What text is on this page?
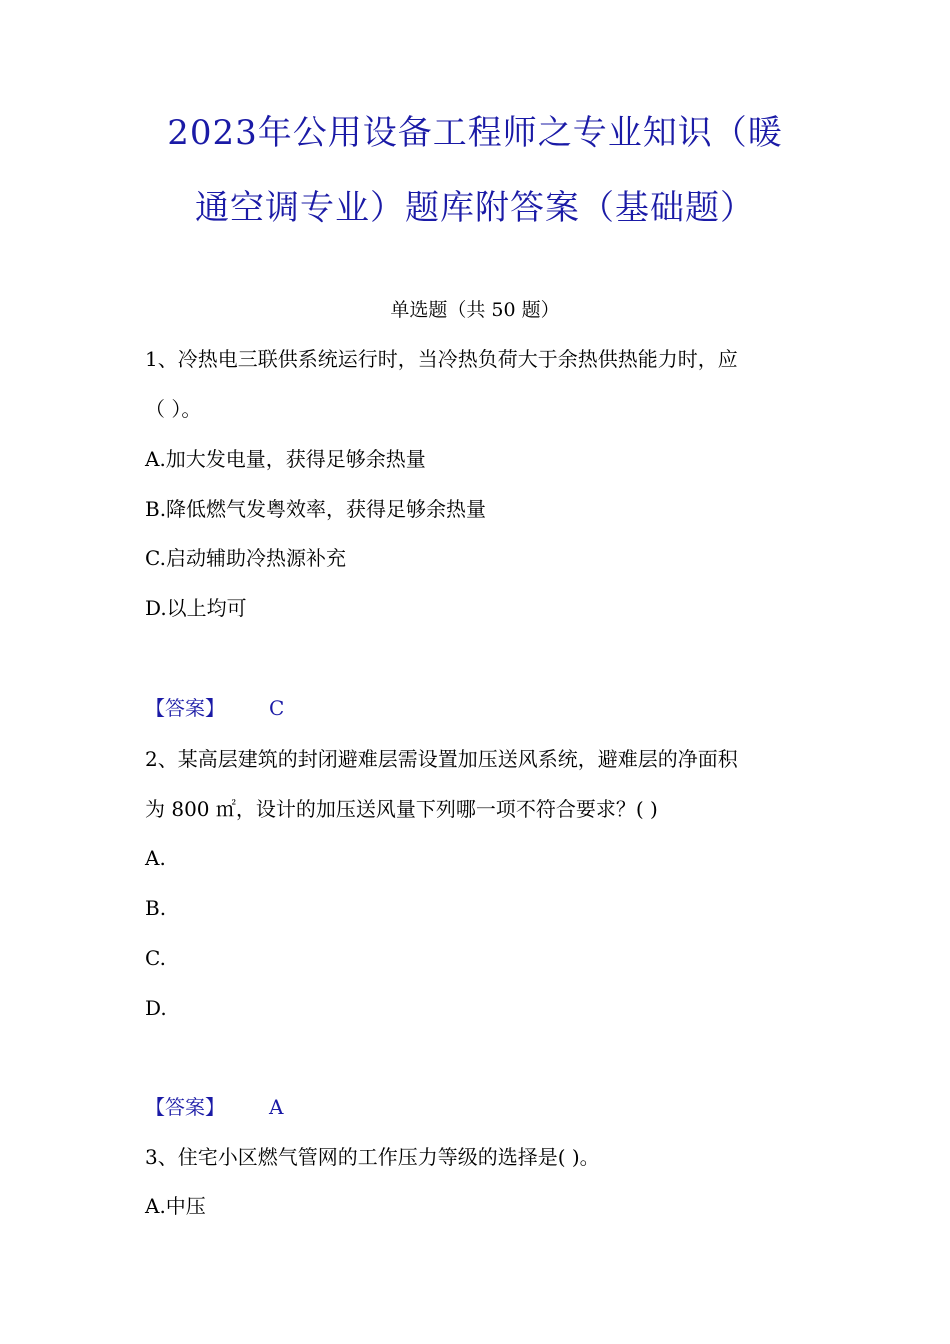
2023年公用设备工程师之专业知识（暖
通空调专业）题库附答案（基础题）
单选题（共 50 题）
1、冷热电三联供系统运行时，当冷热负荷大于余热供热能力时，应
（ ）。
A.加大发电量，获得足够余热量
B.降低燃气发粤效率，获得足够余热量
C.启动辅助冷热源补充
D.以上均可
【答案】 C
2、某高层建筑的封闭避难层需设置加压送风系统，避难层的净面积
为 800 ㎡，设计的加压送风量下列哪一项不符合要求？( )
A.
B.
C.
D.
【答案】 A
3、住宅小区燃气管网的工作压力等级的选择是( )。
A.中压
